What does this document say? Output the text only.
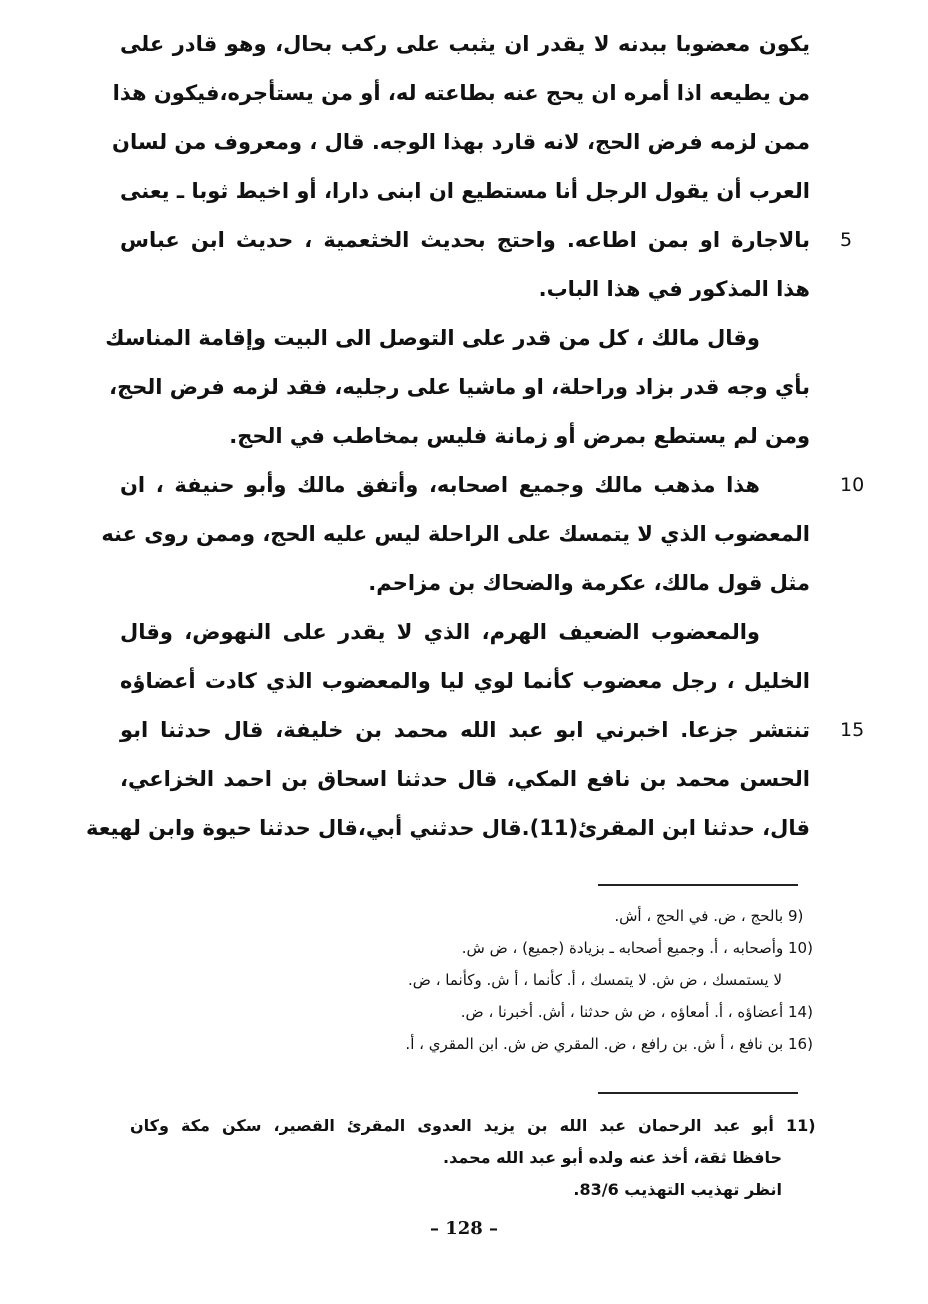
يكون معضوبا ببدنه لا يقدر ان يثبب على ركب بحال، وهو قادر على
من يطيعه اذا أمره ان يحج عنه بطاعته له، أو من يستأجره،فيكون هذا
ممن لزمه فرض الحج، لانه قارد بهذا الوجه. قال ، ومعروف من لسان
العرب أن يقول الرجل أنا مستطيع ان ابنى دارا، أو اخيط ثوبا ـ يعنى
بالاجارة او بمن اطاعه. واحتج بحديث الخثعمية ، حديث ابن عباس 5
هذا المذكور في هذا الباب.
وقال مالك ، كل من قدر على التوصل الى البيت وإقامة المناسك
بأي وجه قدر بزاد وراحلة، او ماشيا على رجليه، فقد لزمه فرض الحج،
ومن لم يستطع بمرض أو زمانة فليس بمخاطب في الحج.
هذا مذهب مالك وجميع اصحابه، وأتفق مالك وأبو حنيفة ، ان	10
المعضوب الذي لا يتمسك على الراحلة ليس عليه الحج، وممن روى عنه
مثل قول مالك، عكرمة والضحاك بن مزاحم.
والمعضوب الضعيف الهرم، الذي لا يقدر على النهوض، وقال
الخليل ، رجل معضوب كأنما لوي ليا والمعضوب الذي كادت أعضاؤه
تنتشر جزعا. اخبرني ابو عبد الله محمد بن خليفة، قال حدثنا ابو 15
الحسن محمد بن نافع المكي، قال حدثنا اسحاق بن احمد الخزاعي،
قال، حدثنا ابن المقرئ(11).قال حدثني أبي،قال حدثنا حيوة وابن لهيعة
9) بالحج ، ض. في الحج ، أش.
10) وأصحابه ، أ. وجميع أصحابه ـ بزيادة (جميع) ، ض ش.
لا يستمسك ، ض ش. لا يتمسك ، أ. كأنما ، أ ش. وكأنما ، ض.
14) أعضاؤه ، أ. أمعاؤه ، ض ش حدثنا ، أش. أخبرنا ، ض.
16) بن نافع ، أ ش. بن رافع ، ض. المقري ض ش. ابن المقري ، أ.
11) أبو عبد الرحمان عبد الله بن يزيد العدوى المقرئ القصير، سكن مكة وكان
حافظا ثقة، أخذ عنه ولده أبو عبد الله محمد.
انظر تهذيب التهذيب 83/6.
– 128 –
